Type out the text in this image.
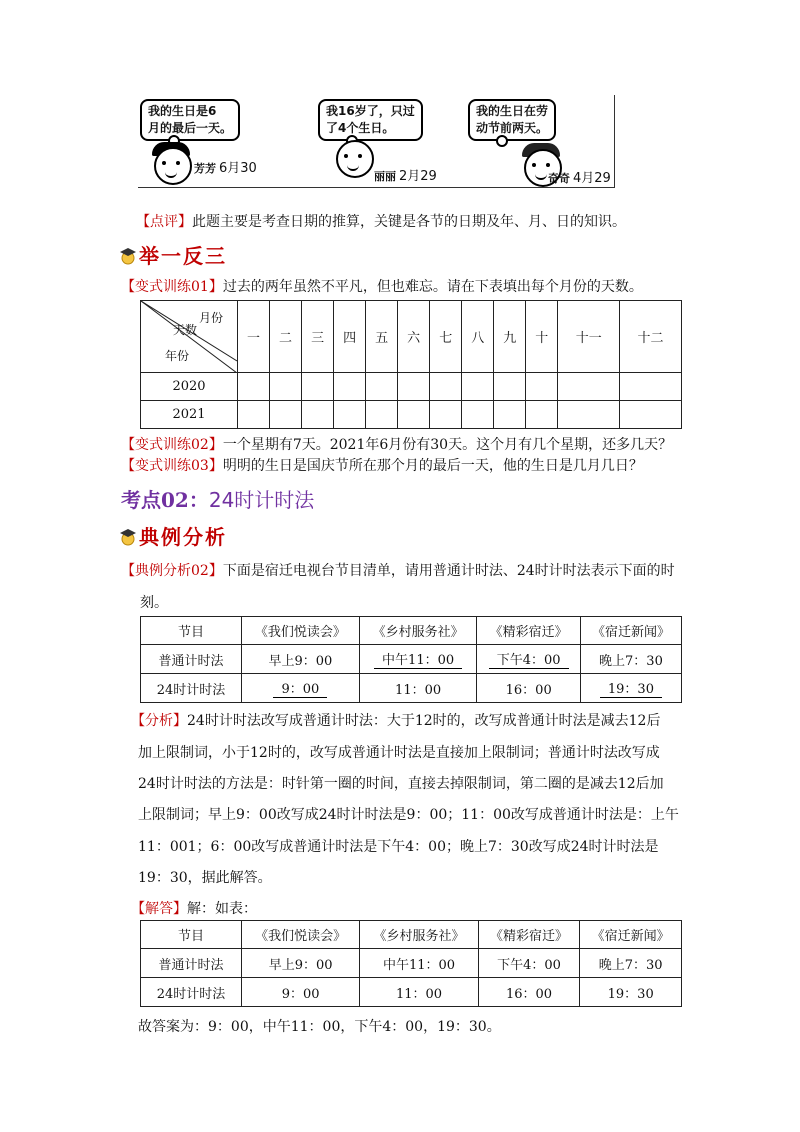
我的生日是6
月的最后一天。
芳芳 6月30
我16岁了，只过
了4个生日。
丽丽 2月29
我的生日在劳
动节前两天。
奇奇 4月29

【点评】此题主要是考查日期的推算，关键是各节的日期及年、月、日的知识。

举一反三

【变式训练01】过去的两年虽然不平凡，但也难忘。请在下表填出每个月份的天数。

月份
天数
年份	一	二	三	四	五	六	七	八	九	十	十一	十二
2020												
2021												

【变式训练02】一个星期有7天。2021年6月份有30天。这个月有几个星期，还多几天？

【变式训练03】明明的生日是国庆节所在那个月的最后一天，他的生日是几月几日？

考点02：24时计时法
典例分析

【典例分析02】下面是宿迁电视台节目清单，请用普通计时法、24时计时法表示下面的时

刻。

节目	《我们悦读会》	《乡村服务社》	《精彩宿迁》	《宿迁新闻》
普通计时法	早上9：00	中午11：00	下午4：00	晚上7：30
24时计时法	9：00	11：00	16：00	19：30

【分析】24时计时法改写成普通计时法：大于12时的，改写成普通计时法是减去12后

加上限制词，小于12时的，改写成普通计时法是直接加上限制词；普通计时法改写成

24时计时法的方法是：时针第一圈的时间，直接去掉限制词，第二圈的是减去12后加

上限制词；早上9：00改写成24时计时法是9：00；11：00改写成普通计时法是：上午

11：001；6：00改写成普通计时法是下午4：00；晚上7：30改写成24时计时法是

19：30，据此解答。

【解答】解：如表：

节目	《我们悦读会》	《乡村服务社》	《精彩宿迁》	《宿迁新闻》
普通计时法	早上9：00	中午11：00	下午4：00	晚上7：30
24时计时法	9：00	11：00	16：00	19：30

故答案为：9：00，中午11：00，下午4：00，19：30。
